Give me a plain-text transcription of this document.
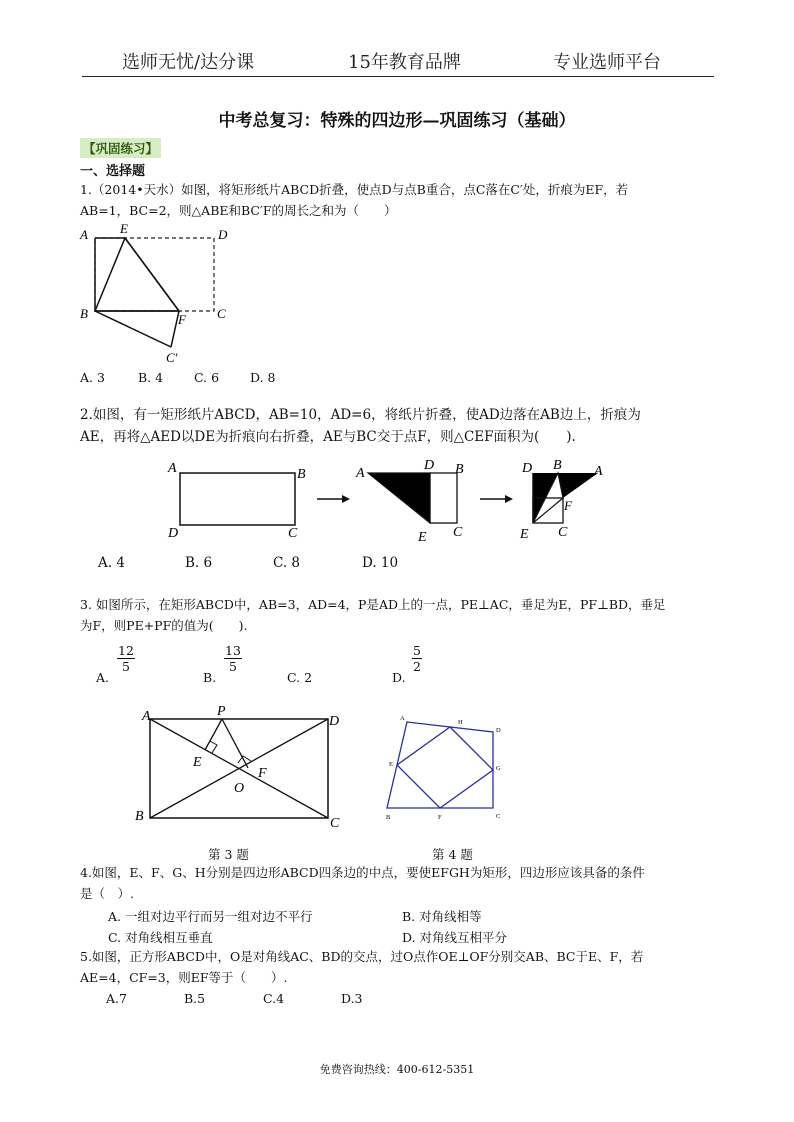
选师无忧/达分课	15年教育品牌	专业选师平台
中考总复习：特殊的四边形—巩固练习（基础）
【巩固练习】
一、选择题
1.（2014•天水）如图，将矩形纸片ABCD折叠，使点D与点B重合，点C落在C′处，折痕为EF，若
AB=1，BC=2，则△ABE和BC′F的周长之和为（　　）
A E	D
B	F C
C′
A. 3	B. 4 C. 6 D. 8
2.如图，有一矩形纸片ABCD，AB=10，AD=6，将纸片折叠，使AD边落在AB边上，折痕为
AE，再将△AED以DE为折痕向右折叠，AE与BC交于点F，则△CEF面积为(　　).
A	B
D	C
A
D B
E C
D B A
F
E C
A. 4	B. 6	C. 8	D. 10
3. 如图所示，在矩形ABCD中，AB=3，AD=4，P是AD上的一点，PE⊥AC，垂足为E，PF⊥BD，垂足
为F，则PE+PF的值为(　　).
A.
$\frac{12}{5}$
B.
$\frac{13}{5}$
C. 2	D.
$\frac{5}{2}$
A	P
D
E
F
O
B	C
A
H
D
E
G
B	F	C
第 3 题	第 4 题
4.如图，E、F、G、H分别是四边形ABCD四条边的中点，要使EFGH为矩形，四边形应该具备的条件
是（　）.
A. 一组对边平行而另一组对边不平行	B. 对角线相等
C. 对角线相互垂直	D. 对角线互相平分
5.如图，正方形ABCD中，O是对角线AC、BD的交点，过O点作OE⊥OF分别交AB、BC于E、F，若
AE=4，CF=3，则EF等于（　　）.
A.7	B.5	C.4	D.3
免费咨询热线：400-612-5351
